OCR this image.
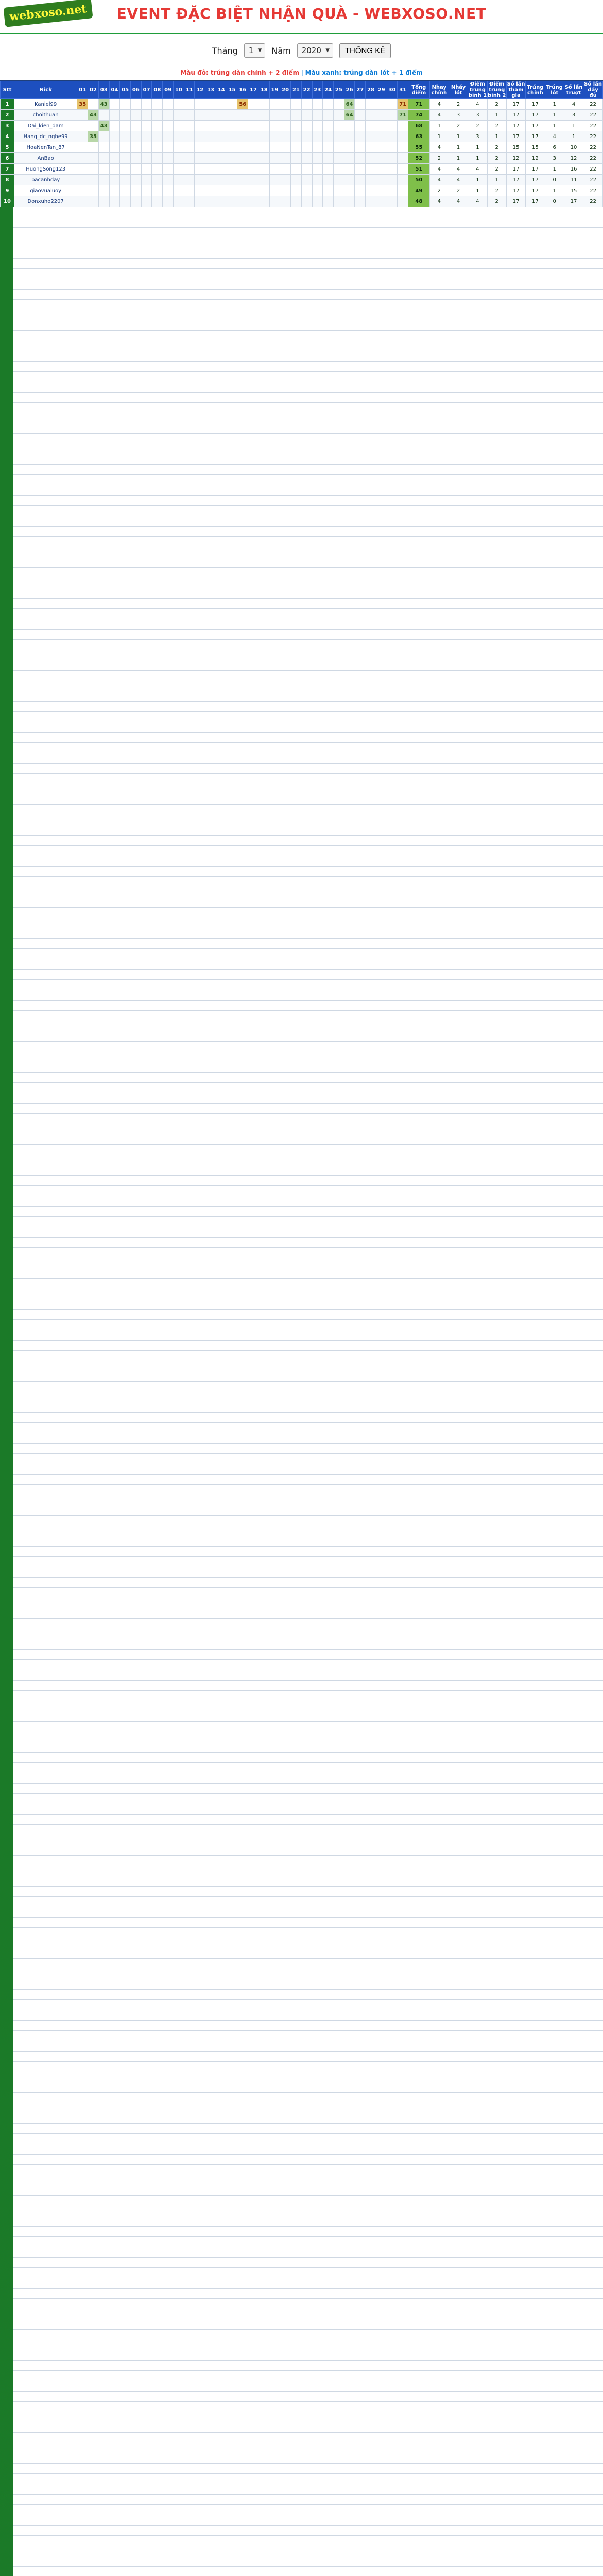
webxoso.net	EVENT ĐẶC BIỆT NHẬN QUÀ - WEBXOSO.NET
Tháng	1 ▾	Năm	2020 ▾	THỐNG KÊ
Màu đỏ: trúng dàn chính + 2 điểm | Màu xanh: trúng dàn lót + 1 điểm
Stt	Nick	01	02	03	04	05	06	07	08	09	10	11	12	13	14	15	16	17	18	19	20	21	22	23	24	25	26	27	28	29	30	31	Tổng điểm	Nhay chính	Nháy lót	Điểm trung bình 1	Điểm trung bình 2	Số lần tham gia	Trúng chính	Trúng lót	Số lần trượt	Số lần đầy đủ
1	Kaniel99	35		43													56										64					71	71	4	2	4	2	17	17	1	4	22
2	choithuan		43																								64					71	74	4	3	3	1	17	17	1	3	22
3	Dai_kien_dam			43																													68	1	2	2	2	17	17	1	1	22
4	Hang_dc_nghe99		35																														63	1	1	3	1	17	17	4	1	22
5	HoaNenTan_87																																55	4	1	1	2	15	15	6	10	22
6	AnBao																																52	2	1	1	2	12	12	3	12	22
7	HuongSong123																																51	4	4	4	2	17	17	1	16	22
8	bacanhday																																50	4	4	1	1	17	17	0	11	22
9	giaovualuoy																																49	2	2	1	2	17	17	1	15	22
10	Donxuho2207																																48	4	4	4	2	17	17	0	17	22
